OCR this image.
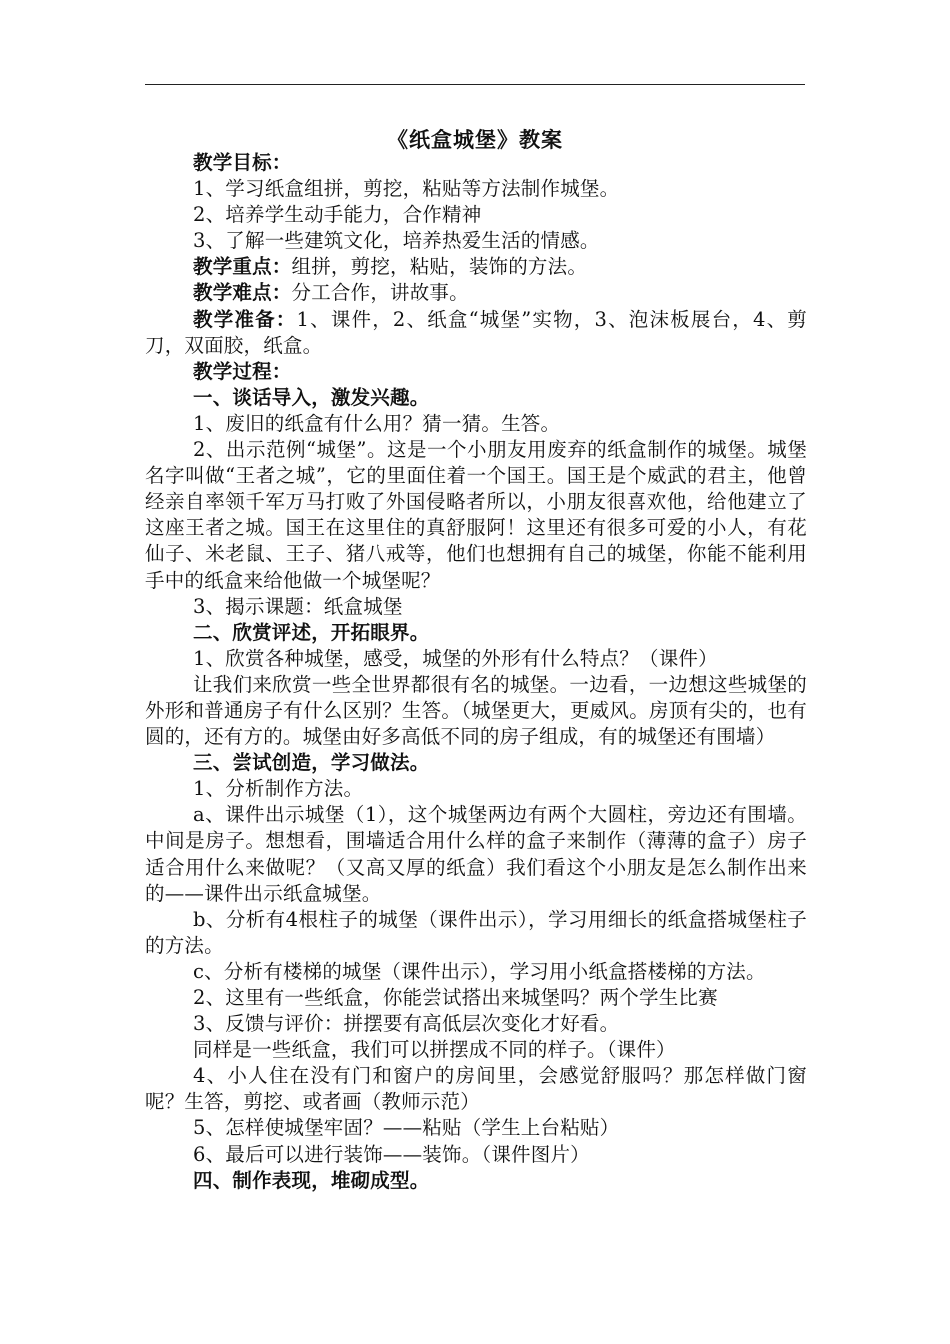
《纸盒城堡》教案

教学目标：

1、学习纸盒组拼，剪挖，粘贴等方法制作城堡。

2、培养学生动手能力，合作精神

3、了解一些建筑文化，培养热爱生活的情感。

教学重点：组拼，剪挖，粘贴，装饰的方法。

教学难点：分工合作，讲故事。

教学准备：1、课件，2、纸盒“城堡”实物，3、泡沫板展台，4、剪刀，双面胶，纸盒。

教学过程：

一、谈话导入，激发兴趣。

1、废旧的纸盒有什么用？猜一猜。生答。

2、出示范例“城堡”。这是一个小朋友用废弃的纸盒制作的城堡。城堡名字叫做“王者之城”，它的里面住着一个国王。国王是个威武的君主，他曾经亲自率领千军万马打败了外国侵略者所以，小朋友很喜欢他，给他建立了这座王者之城。国王在这里住的真舒服阿！这里还有很多可爱的小人，有花仙子、米老鼠、王子、猪八戒等，他们也想拥有自己的城堡，你能不能利用手中的纸盒来给他做一个城堡呢？

3、揭示课题：纸盒城堡

二、欣赏评述，开拓眼界。

1、欣赏各种城堡，感受，城堡的外形有什么特点？（课件）

让我们来欣赏一些全世界都很有名的城堡。一边看，一边想这些城堡的外形和普通房子有什么区别？生答。（城堡更大，更威风。房顶有尖的，也有圆的，还有方的。城堡由好多高低不同的房子组成，有的城堡还有围墙）

三、尝试创造，学习做法。

1、分析制作方法。

a、课件出示城堡（1），这个城堡两边有两个大圆柱，旁边还有围墙。中间是房子。想想看，围墙适合用什么样的盒子来制作（薄薄的盒子）房子适合用什么来做呢？（又高又厚的纸盒）我们看这个小朋友是怎么制作出来的——课件出示纸盒城堡。

b、分析有4根柱子的城堡（课件出示），学习用细长的纸盒搭城堡柱子的方法。

c、分析有楼梯的城堡（课件出示），学习用小纸盒搭楼梯的方法。

2、这里有一些纸盒，你能尝试搭出来城堡吗？两个学生比赛

3、反馈与评价：拼摆要有高低层次变化才好看。

同样是一些纸盒，我们可以拼摆成不同的样子。（课件）

4、小人住在没有门和窗户的房间里，会感觉舒服吗？那怎样做门窗呢？生答，剪挖、或者画（教师示范）

5、怎样使城堡牢固？——粘贴（学生上台粘贴）

6、最后可以进行装饰——装饰。（课件图片）

四、制作表现，堆砌成型。
